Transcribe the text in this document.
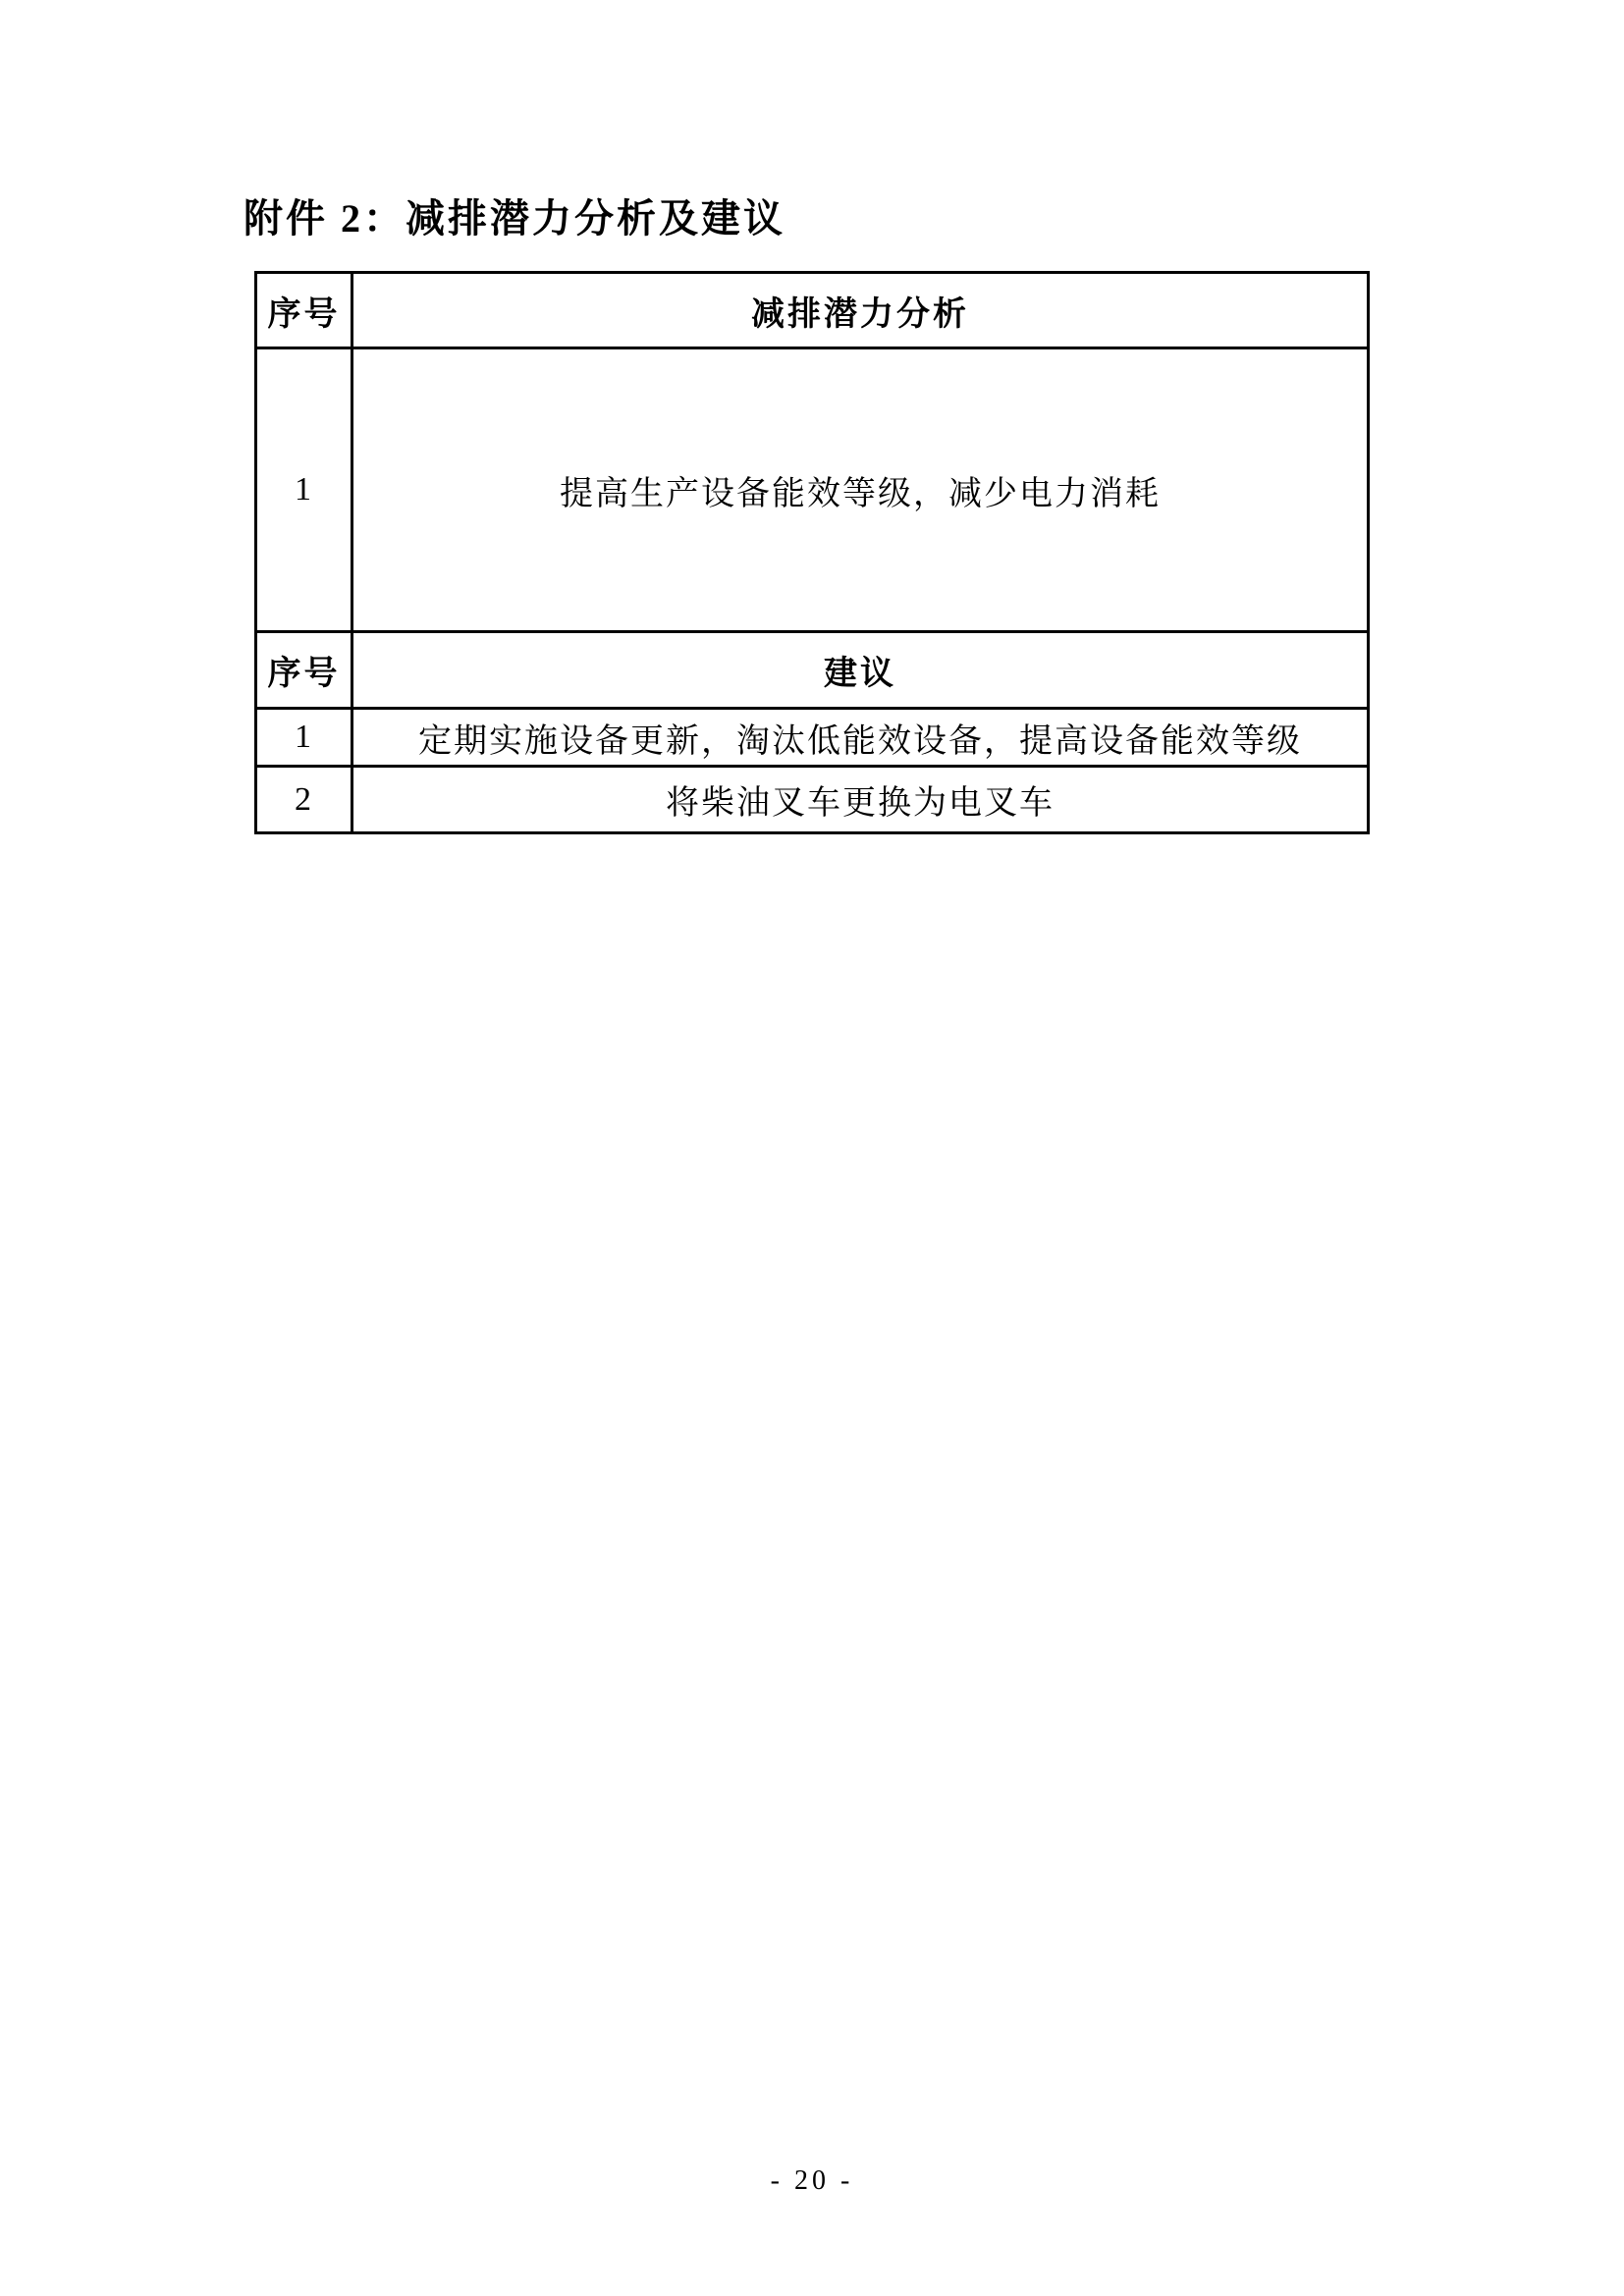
附件 2：减排潜力分析及建议
序号	减排潜力分析
1	提高生产设备能效等级，减少电力消耗
序号	建议
1	定期实施设备更新，淘汰低能效设备，提高设备能效等级
2	将柴油叉车更换为电叉车
- 20 -
